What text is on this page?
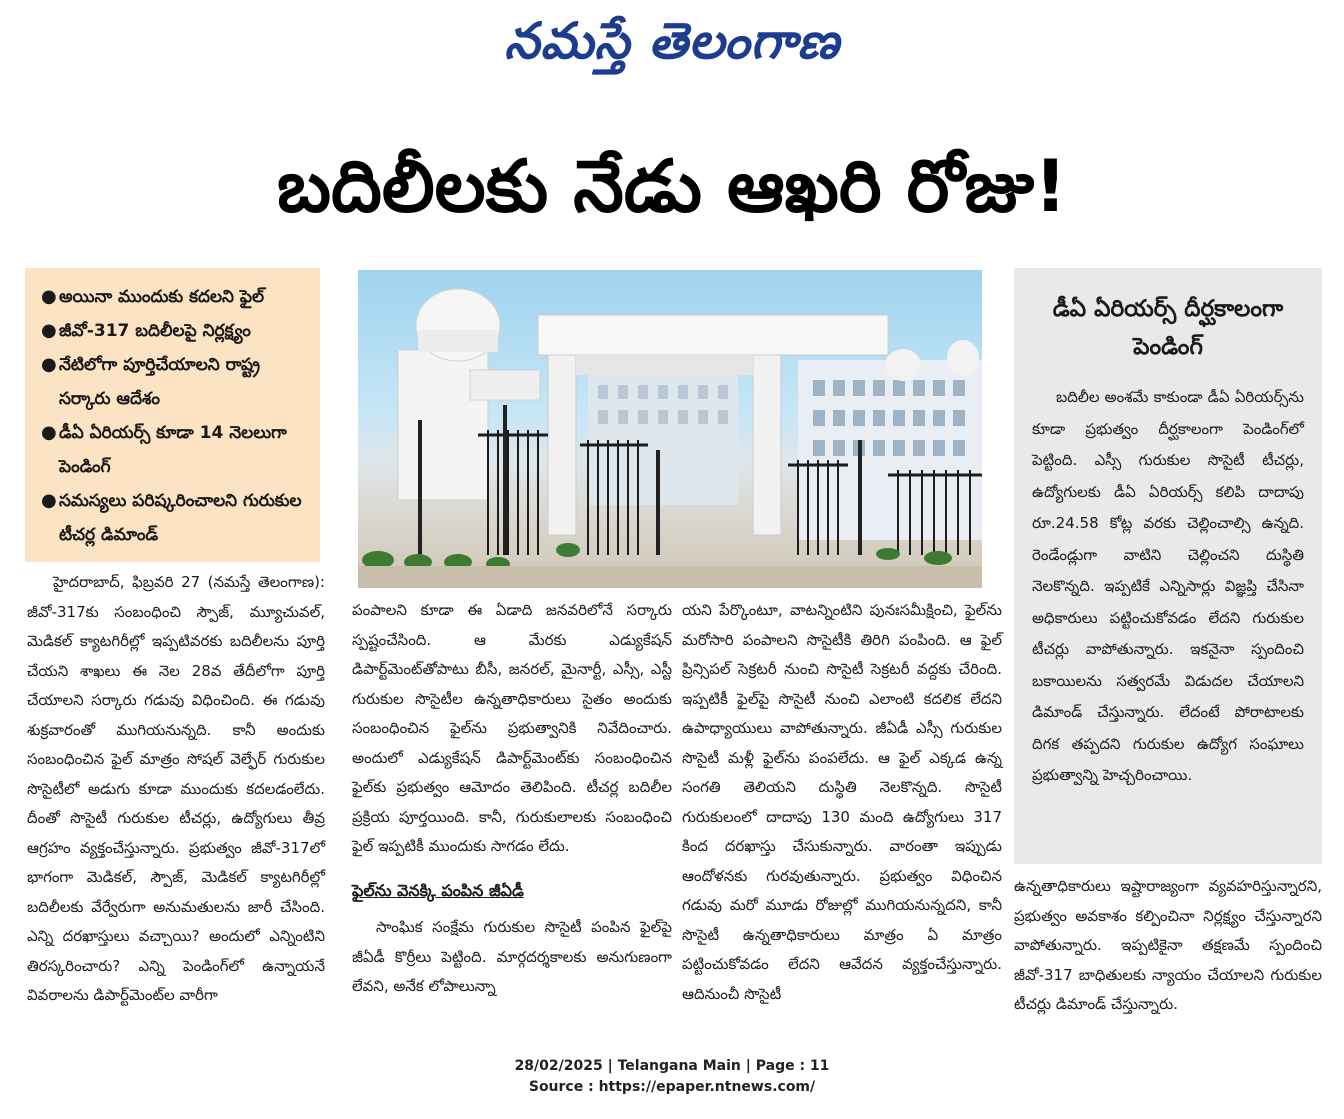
నమస్తే తెలంగాణ
బదిలీలకు నేడు ఆఖరి రోజు!
● అయినా ముందుకు కదలని ఫైల్
● జీవో-317 బదిలీలపై నిర్లక్ష్యం
● నేటిలోగా పూర్తిచేయాలని రాష్ట్ర సర్కారు ఆదేశం
● డీఏ ఏరియర్స్ కూడా 14 నెలలుగా పెండింగ్
● సమస్యలు పరిష్కరించాలని గురుకుల టీచర్ల డిమాండ్
డీఏ ఏరియర్స్ దీర్ఘకాలంగా పెండింగ్
బదిలీల అంశమే కాకుండా డీఏ ఏరియర్స్‌ను కూడా ప్రభుత్వం దీర్ఘకాలంగా పెండింగ్‌లో పెట్టింది. ఎస్సీ గురుకుల సొసైటీ టీచర్లు, ఉద్యోగులకు డీఏ ఏరియర్స్ కలిపి దాదాపు రూ.24.58 కోట్ల వరకు చెల్లించాల్సి ఉన్నది. రెండేండ్లుగా వాటిని చెల్లించని దుస్థితి నెలకొన్నది. ఇప్పటికే ఎన్నిసార్లు విజ్ఞప్తి చేసినా అధికారులు పట్టించుకోవడం లేదని గురుకుల టీచర్లు వాపోతున్నారు. ఇకనైనా స్పందించి బకాయిలను సత్వరమే విడుదల చేయాలని డిమాండ్ చేస్తున్నారు. లేదంటే పోరాటాలకు దిగక తప్పదని గురుకుల ఉద్యోగ సంఘాలు ప్రభుత్వాన్ని హెచ్చరించాయి.

హైదరాబాద్, ఫిబ్రవరి 27 (నమస్తే తెలంగాణ): జీవో-317కు సంబంధించి స్పౌజ్, మ్యూచువల్, మెడికల్ క్యాటగిరీల్లో ఇప్పటివరకు బదిలీలను పూర్తి చేయని శాఖలు ఈ నెల 28వ తేదీలోగా పూర్తి చేయాలని సర్కారు గడువు విధించింది. ఈ గడువు శుక్రవారంతో ముగియనున్నది. కానీ అందుకు సంబంధించిన ఫైల్ మాత్రం సోషల్ వెల్ఫేర్ గురుకుల సొసైటీలో అడుగు కూడా ముందుకు కదలడంలేదు. దీంతో సొసైటీ గురుకుల టీచర్లు, ఉద్యోగులు తీవ్ర ఆగ్రహం వ్యక్తంచేస్తున్నారు. ప్రభుత్వం జీవో-317లో భాగంగా మెడికల్, స్పౌజ్, మెడికల్ క్యాటగిరీల్లో బదిలీలకు వేర్వేరుగా అనుమతులను జారీ చేసింది. ఎన్ని దరఖాస్తులు వచ్చాయి? అందులో ఎన్నింటిని తిరస్కరించారు? ఎన్ని పెండింగ్‌లో ఉన్నాయనే వివరాలను డిపార్ట్‌మెంట్‌ల వారీగా

పంపాలని కూడా ఈ ఏడాది జనవరిలోనే సర్కారు స్పష్టంచేసింది. ఆ మేరకు ఎడ్యుకేషన్ డిపార్ట్‌మెంట్‌తోపాటు బీసీ, జనరల్, మైనార్టీ, ఎస్సీ, ఎస్టీ గురుకుల సొసైటీల ఉన్నతాధికారులు సైతం అందుకు సంబంధించిన ఫైల్‌ను ప్రభుత్వానికి నివేదించారు. అందులో ఎడ్యుకేషన్ డిపార్ట్‌మెంట్‌కు సంబంధించిన ఫైల్‌కు ప్రభుత్వం ఆమోదం తెలిపింది. టీచర్ల బదిలీల ప్రక్రియ పూర్తయింది. కానీ, గురుకులాలకు సంబంధించి ఫైల్ ఇప్పటికీ ముందుకు సాగడం లేదు.

ఫైల్‌ను వెనక్కి పంపిన జీఏడీ

సాంఘిక సంక్షేమ గురుకుల సొసైటీ పంపిన ఫైల్‌పై జీఏడీ కొర్రీలు పెట్టింది. మార్గదర్శకాలకు అనుగుణంగా లేవని, అనేక లోపాలున్నా

యని పేర్కొంటూ, వాటన్నింటిని పునఃసమీక్షించి, ఫైల్‌ను మరోసారి పంపాలని సొసైటీకి తిరిగి పంపింది. ఆ ఫైల్ ప్రిన్సిపల్ సెక్రటరీ నుంచి సొసైటీ సెక్రటరీ వద్దకు చేరింది. ఇప్పటికీ ఫైల్‌పై సొసైటీ నుంచి ఎలాంటి కదలిక లేదని ఉపాధ్యాయులు వాపోతున్నారు. జీఏడీ ఎస్సీ గురుకుల సొసైటీ మళ్లీ ఫైల్‌ను పంపలేదు. ఆ ఫైల్ ఎక్కడ ఉన్న సంగతి తెలియని దుస్థితి నెలకొన్నది. సొసైటీ గురుకులంలో దాదాపు 130 మంది ఉద్యోగులు 317 కింద దరఖాస్తు చేసుకున్నారు. వారంతా ఇప్పుడు ఆందోళనకు గురవుతున్నారు. ప్రభుత్వం విధించిన గడువు మరో మూడు రోజుల్లో ముగియనున్నదని, కానీ సొసైటీ ఉన్నతాధికారులు మాత్రం ఏ మాత్రం పట్టించుకోవడం లేదని ఆవేదన వ్యక్తంచేస్తున్నారు. ఆదినుంచీ సొసైటీ

ఉన్నతాధికారులు ఇష్టారాజ్యంగా వ్యవహరిస్తున్నారని, ప్రభుత్వం అవకాశం కల్పించినా నిర్లక్ష్యం చేస్తున్నారని వాపోతున్నారు. ఇప్పటికైనా తక్షణమే స్పందించి జీవో-317 బాధితులకు న్యాయం చేయాలని గురుకుల టీచర్లు డిమాండ్ చేస్తున్నారు.

28/02/2025 | Telangana Main | Page : 11
Source : https://epaper.ntnews.com/
